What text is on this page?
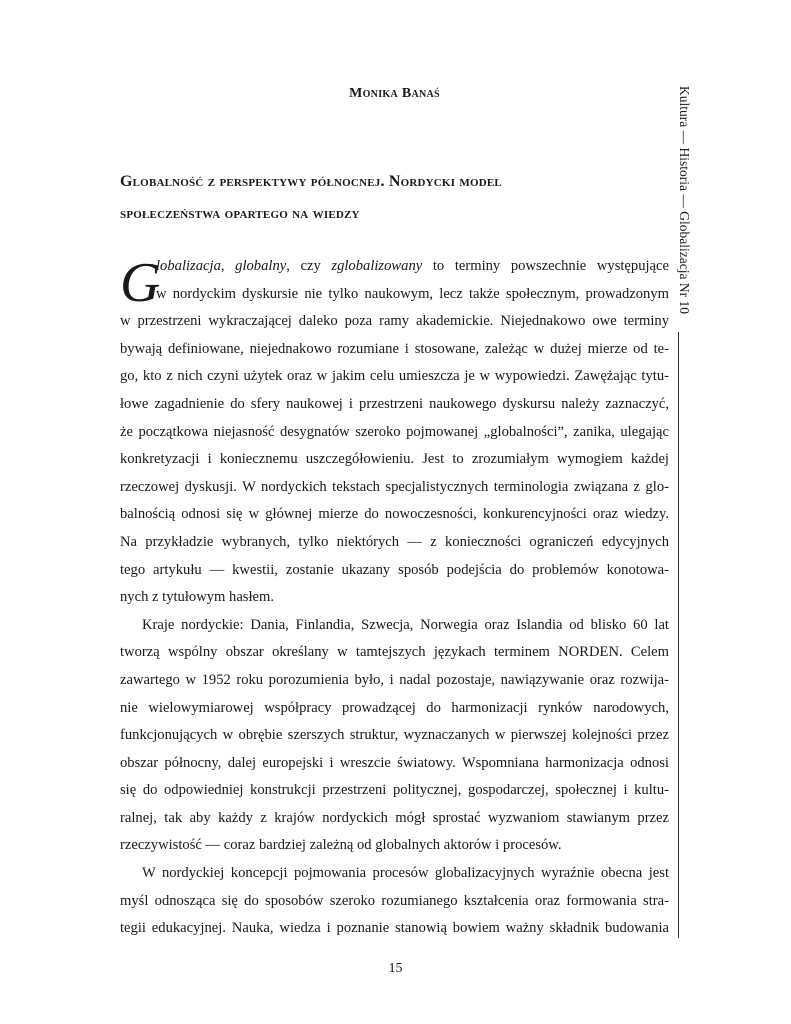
Monika Banaś
Globalność z perspektywy północnej. Nordycki model
społeczeństwa opartego na wiedzy	Kultura — Historia — Globalizacja Nr 10
G
lobalizacja, globalny, czy zglobalizowany to terminy powszechnie występujące
w nordyckim dyskursie nie tylko naukowym, lecz także społecznym, prowadzonym
w przestrzeni wykraczającej daleko poza ramy akademickie. Niejednakowo owe terminy
bywają definiowane, niejednakowo rozumiane i stosowane, zależąc w dużej mierze od te-
go, kto z nich czyni użytek oraz w jakim celu umieszcza je w wypowiedzi. Zawężając tytu-
łowe zagadnienie do sfery naukowej i przestrzeni naukowego dyskursu należy zaznaczyć,
że początkowa niejasność desygnatów szeroko pojmowanej „globalności”, zanika, ulegając
konkretyzacji i koniecznemu uszczegółowieniu. Jest to zrozumiałym wymogiem każdej
rzeczowej dyskusji. W nordyckich tekstach specjalistycznych terminologia związana z glo-
balnością odnosi się w głównej mierze do nowoczesności, konkurencyjności oraz wiedzy.
Na przykładzie wybranych, tylko niektórych — z konieczności ograniczeń edycyjnych
tego artykułu — kwestii, zostanie ukazany sposób podejścia do problemów konotowa-
nych z tytułowym hasłem.
Kraje nordyckie: Dania, Finlandia, Szwecja, Norwegia oraz Islandia od blisko 60 lat
tworzą wspólny obszar określany w tamtejszych językach terminem NORDEN. Celem
zawartego w 1952 roku porozumienia było, i nadal pozostaje, nawiązywanie oraz rozwija-
nie wielowymiarowej współpracy prowadzącej do harmonizacji rynków narodowych,
funkcjonujących w obrębie szerszych struktur, wyznaczanych w pierwszej kolejności przez
obszar północny, dalej europejski i wreszcie światowy. Wspomniana harmonizacja odnosi
się do odpowiedniej konstrukcji przestrzeni politycznej, gospodarczej, społecznej i kultu-
ralnej, tak aby każdy z krajów nordyckich mógł sprostać wyzwaniom stawianym przez
rzeczywistość — coraz bardziej zależną od globalnych aktorów i procesów.
W nordyckiej koncepcji pojmowania procesów globalizacyjnych wyraźnie obecna jest
myśl odnosząca się do sposobów szeroko rozumianego kształcenia oraz formowania stra-
tegii edukacyjnej. Nauka, wiedza i poznanie stanowią bowiem ważny składnik budowania
15
